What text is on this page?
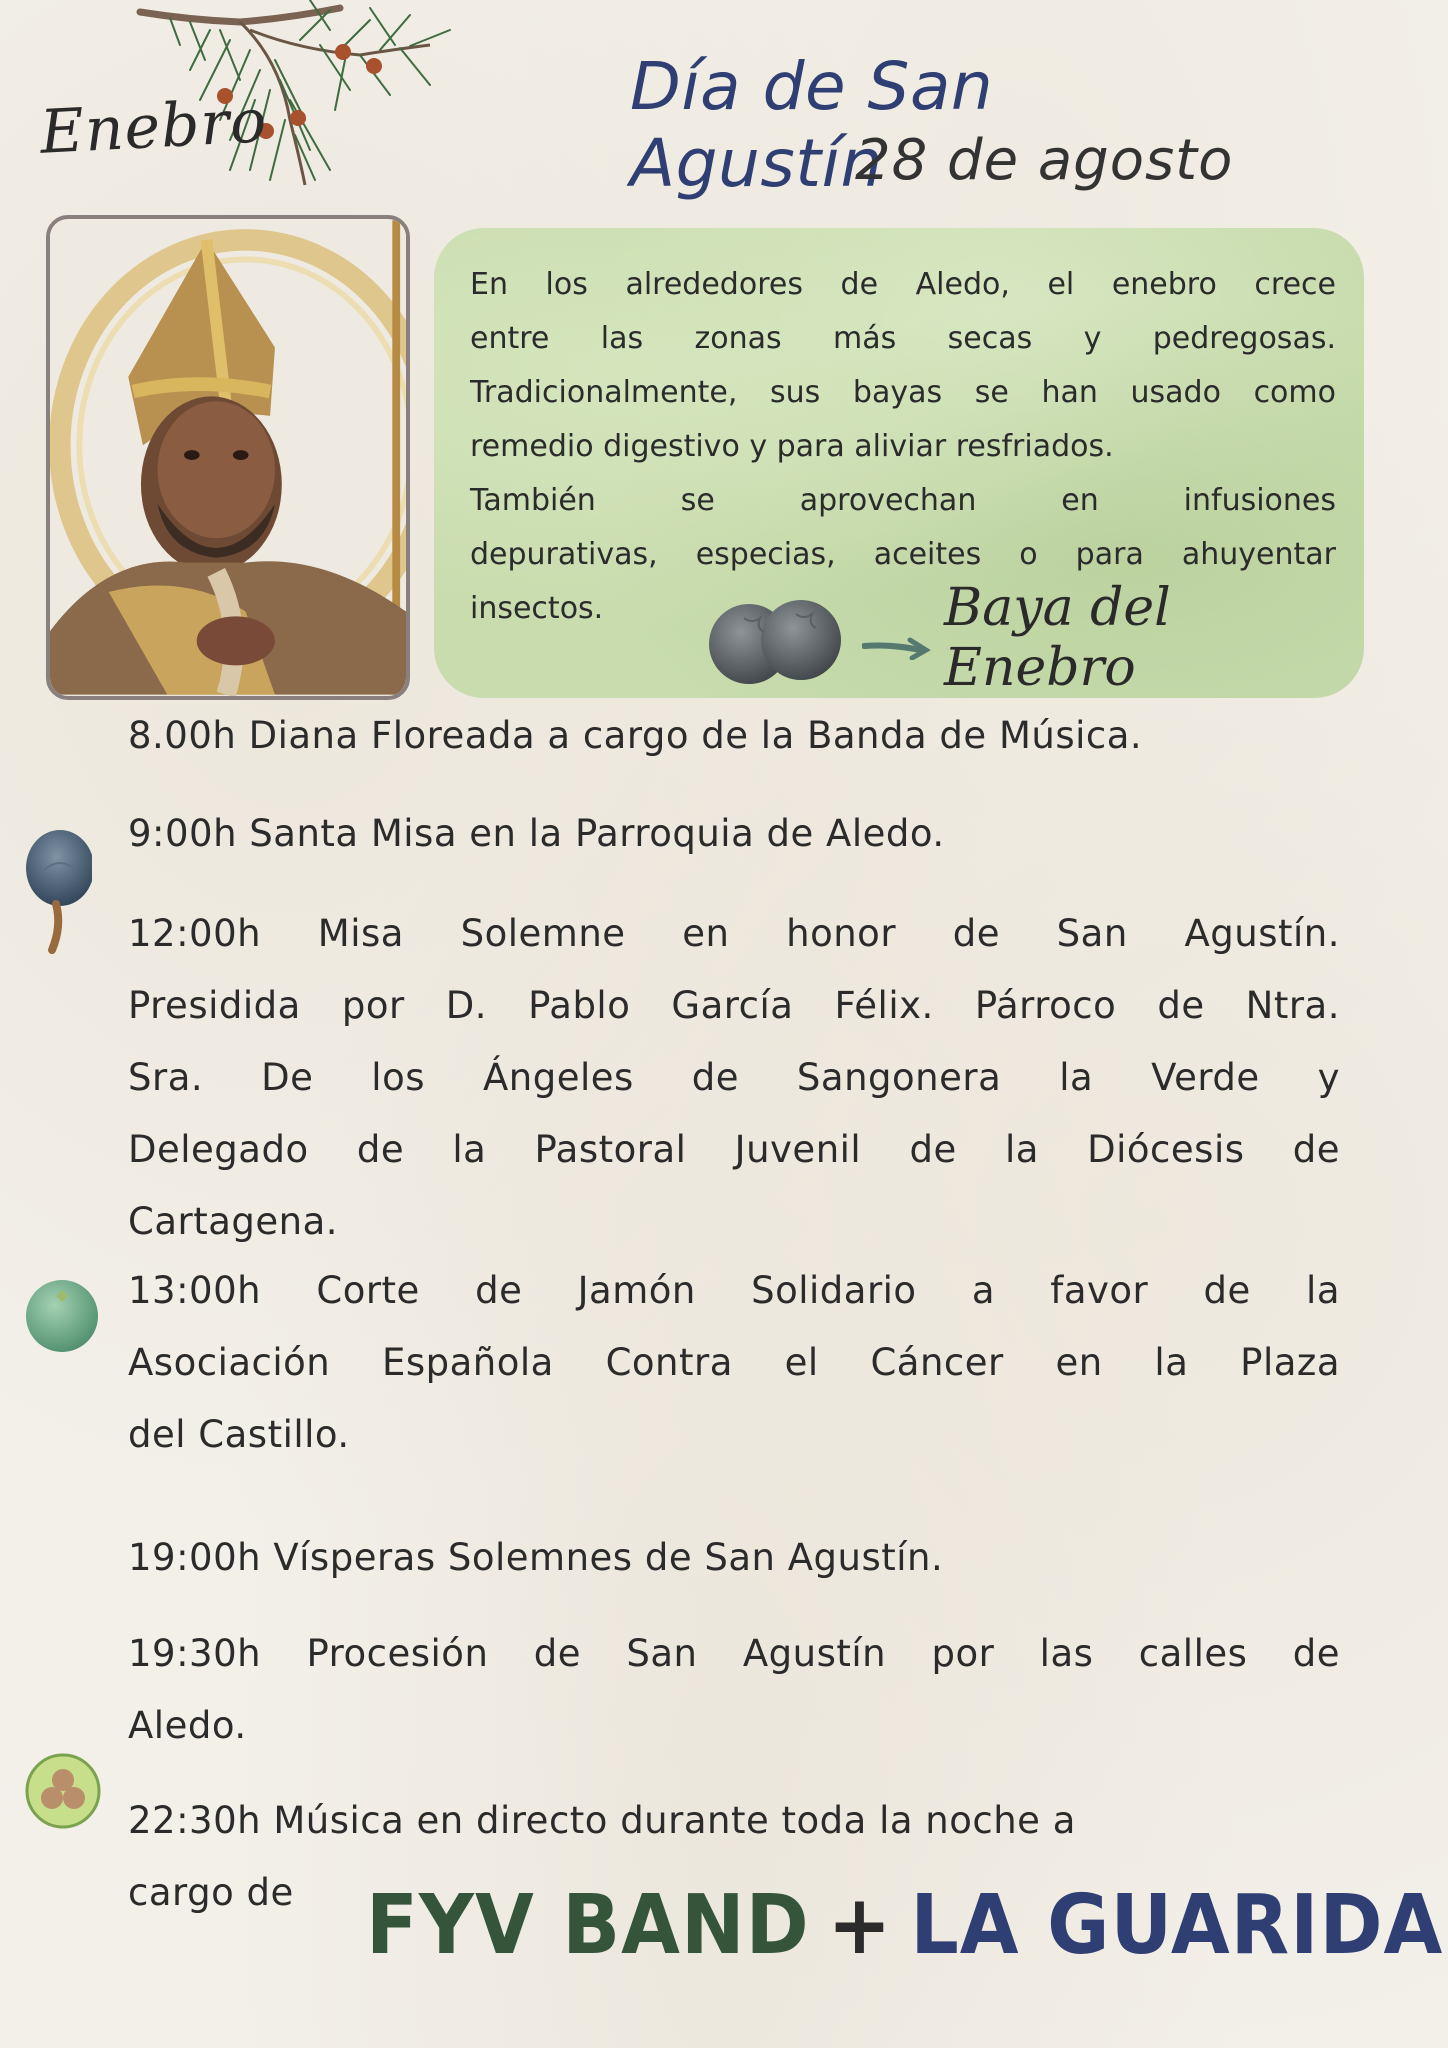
Enebro	Día de San Agustín
28 de agosto
En los alrededores de Aledo, el enebro crece
entre las zonas más secas y pedregosas.
Tradicionalmente, sus bayas se han usado como
remedio digestivo y para aliviar resfriados.
También se aprovechan en infusiones
depurativas, especias, aceites o para ahuyentar
insectos.	Baya del Enebro
8.00h Diana Floreada a cargo de la Banda de Música.
9:00h Santa Misa en la Parroquia de Aledo.
12:00h Misa Solemne en honor de San Agustín.
Presidida por D. Pablo García Félix. Párroco de Ntra.
Sra. De los Ángeles de Sangonera la Verde y
Delegado de la Pastoral Juvenil de la Diócesis de
Cartagena.
13:00h Corte de Jamón Solidario a favor de la
Asociación Española Contra el Cáncer en la Plaza
del Castillo.
19:00h Vísperas Solemnes de San Agustín.
19:30h Procesión de San Agustín por las calles de
Aledo.
22:30h Música en directo durante toda la noche a
cargo de FYV BAND + LA GUARIDA
